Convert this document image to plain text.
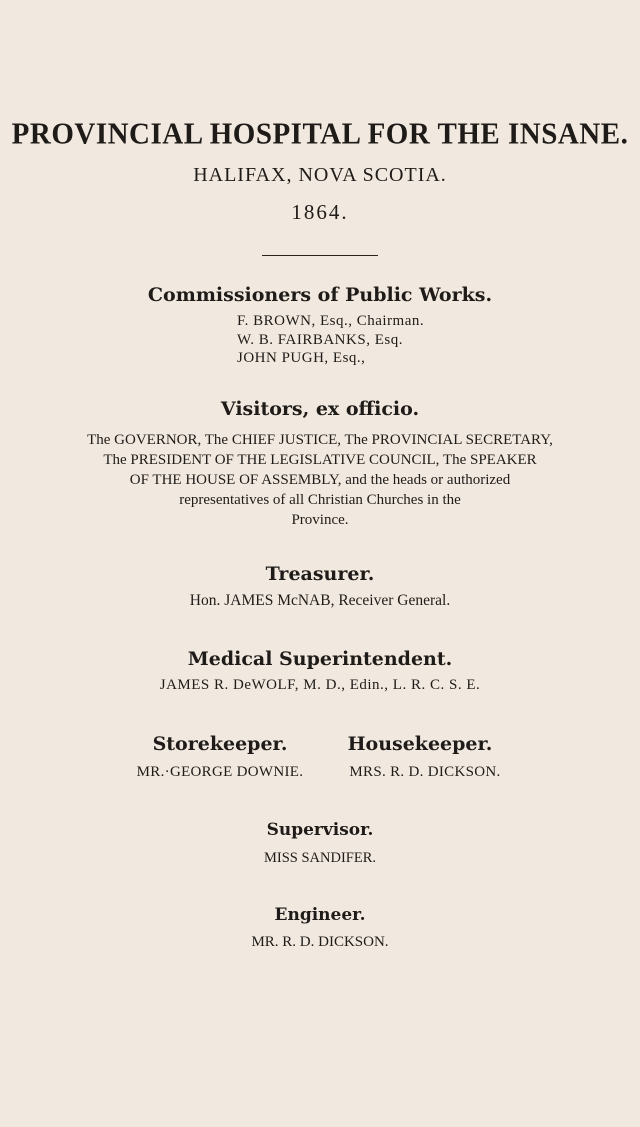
PROVINCIAL HOSPITAL FOR THE INSANE.
HALIFAX, NOVA SCOTIA.
1864.
Commissioners of Public Works.
F. BROWN, Esq., Chairman.
W. B. FAIRBANKS, Esq.
JOHN PUGH, Esq.,
Visitors, ex officio.
The GOVERNOR, The CHIEF JUSTICE, The PROVINCIAL SECRETARY,
The PRESIDENT OF THE LEGISLATIVE COUNCIL, The SPEAKER
OF THE HOUSE OF ASSEMBLY, and the heads or authorized
representatives of all Christian Churches in the
Province.
Treasurer.
Hon. JAMES McNAB, Receiver General.
Medical Superintendent.
JAMES R. DeWOLF, M. D., Edin., L. R. C. S. E.
Storekeeper.	Housekeeper.
MR.·GEORGE DOWNIE.	MRS. R. D. DICKSON.
Supervisor.
MISS SANDIFER.
Engineer.
MR. R. D. DICKSON.
